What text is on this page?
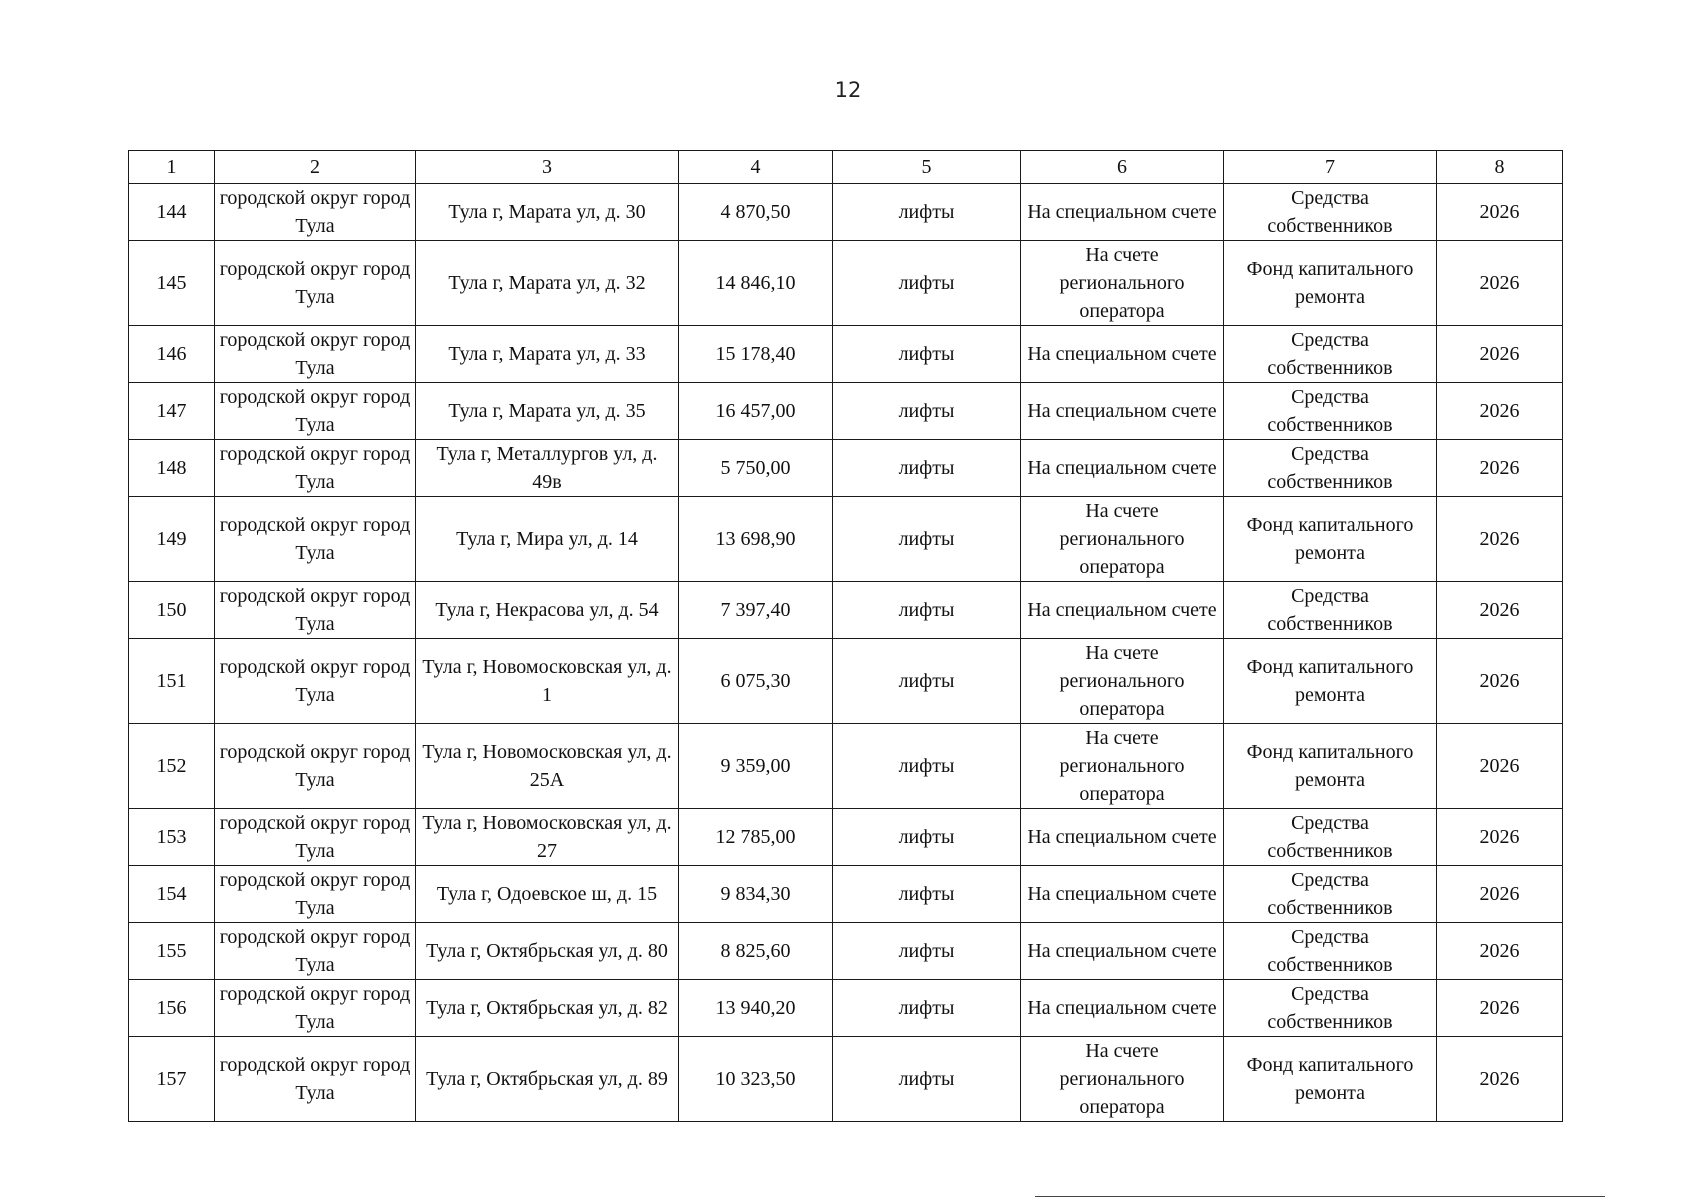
12
1	2	3	4	5	6	7	8
144	городской округ город Тула	Тула г, Марата ул, д. 30	4 870,50	лифты	На специальном счете	Средства собственников	2026
145	городской округ город Тула	Тула г, Марата ул, д. 32	14 846,10	лифты	На счете регионального оператора	Фонд капитального ремонта	2026
146	городской округ город Тула	Тула г, Марата ул, д. 33	15 178,40	лифты	На специальном счете	Средства собственников	2026
147	городской округ город Тула	Тула г, Марата ул, д. 35	16 457,00	лифты	На специальном счете	Средства собственников	2026
148	городской округ город Тула	Тула г, Металлургов ул, д. 49в	5 750,00	лифты	На специальном счете	Средства собственников	2026
149	городской округ город Тула	Тула г, Мира ул, д. 14	13 698,90	лифты	На счете регионального оператора	Фонд капитального ремонта	2026
150	городской округ город Тула	Тула г, Некрасова ул, д. 54	7 397,40	лифты	На специальном счете	Средства собственников	2026
151	городской округ город Тула	Тула г, Новомосковская ул, д. 1	6 075,30	лифты	На счете регионального оператора	Фонд капитального ремонта	2026
152	городской округ город Тула	Тула г, Новомосковская ул, д. 25А	9 359,00	лифты	На счете регионального оператора	Фонд капитального ремонта	2026
153	городской округ город Тула	Тула г, Новомосковская ул, д. 27	12 785,00	лифты	На специальном счете	Средства собственников	2026
154	городской округ город Тула	Тула г, Одоевское ш, д. 15	9 834,30	лифты	На специальном счете	Средства собственников	2026
155	городской округ город Тула	Тула г, Октябрьская ул, д. 80	8 825,60	лифты	На специальном счете	Средства собственников	2026
156	городской округ город Тула	Тула г, Октябрьская ул, д. 82	13 940,20	лифты	На специальном счете	Средства собственников	2026
157	городской округ город Тула	Тула г, Октябрьская ул, д. 89	10 323,50	лифты	На счете регионального оператора	Фонд капитального ремонта	2026
